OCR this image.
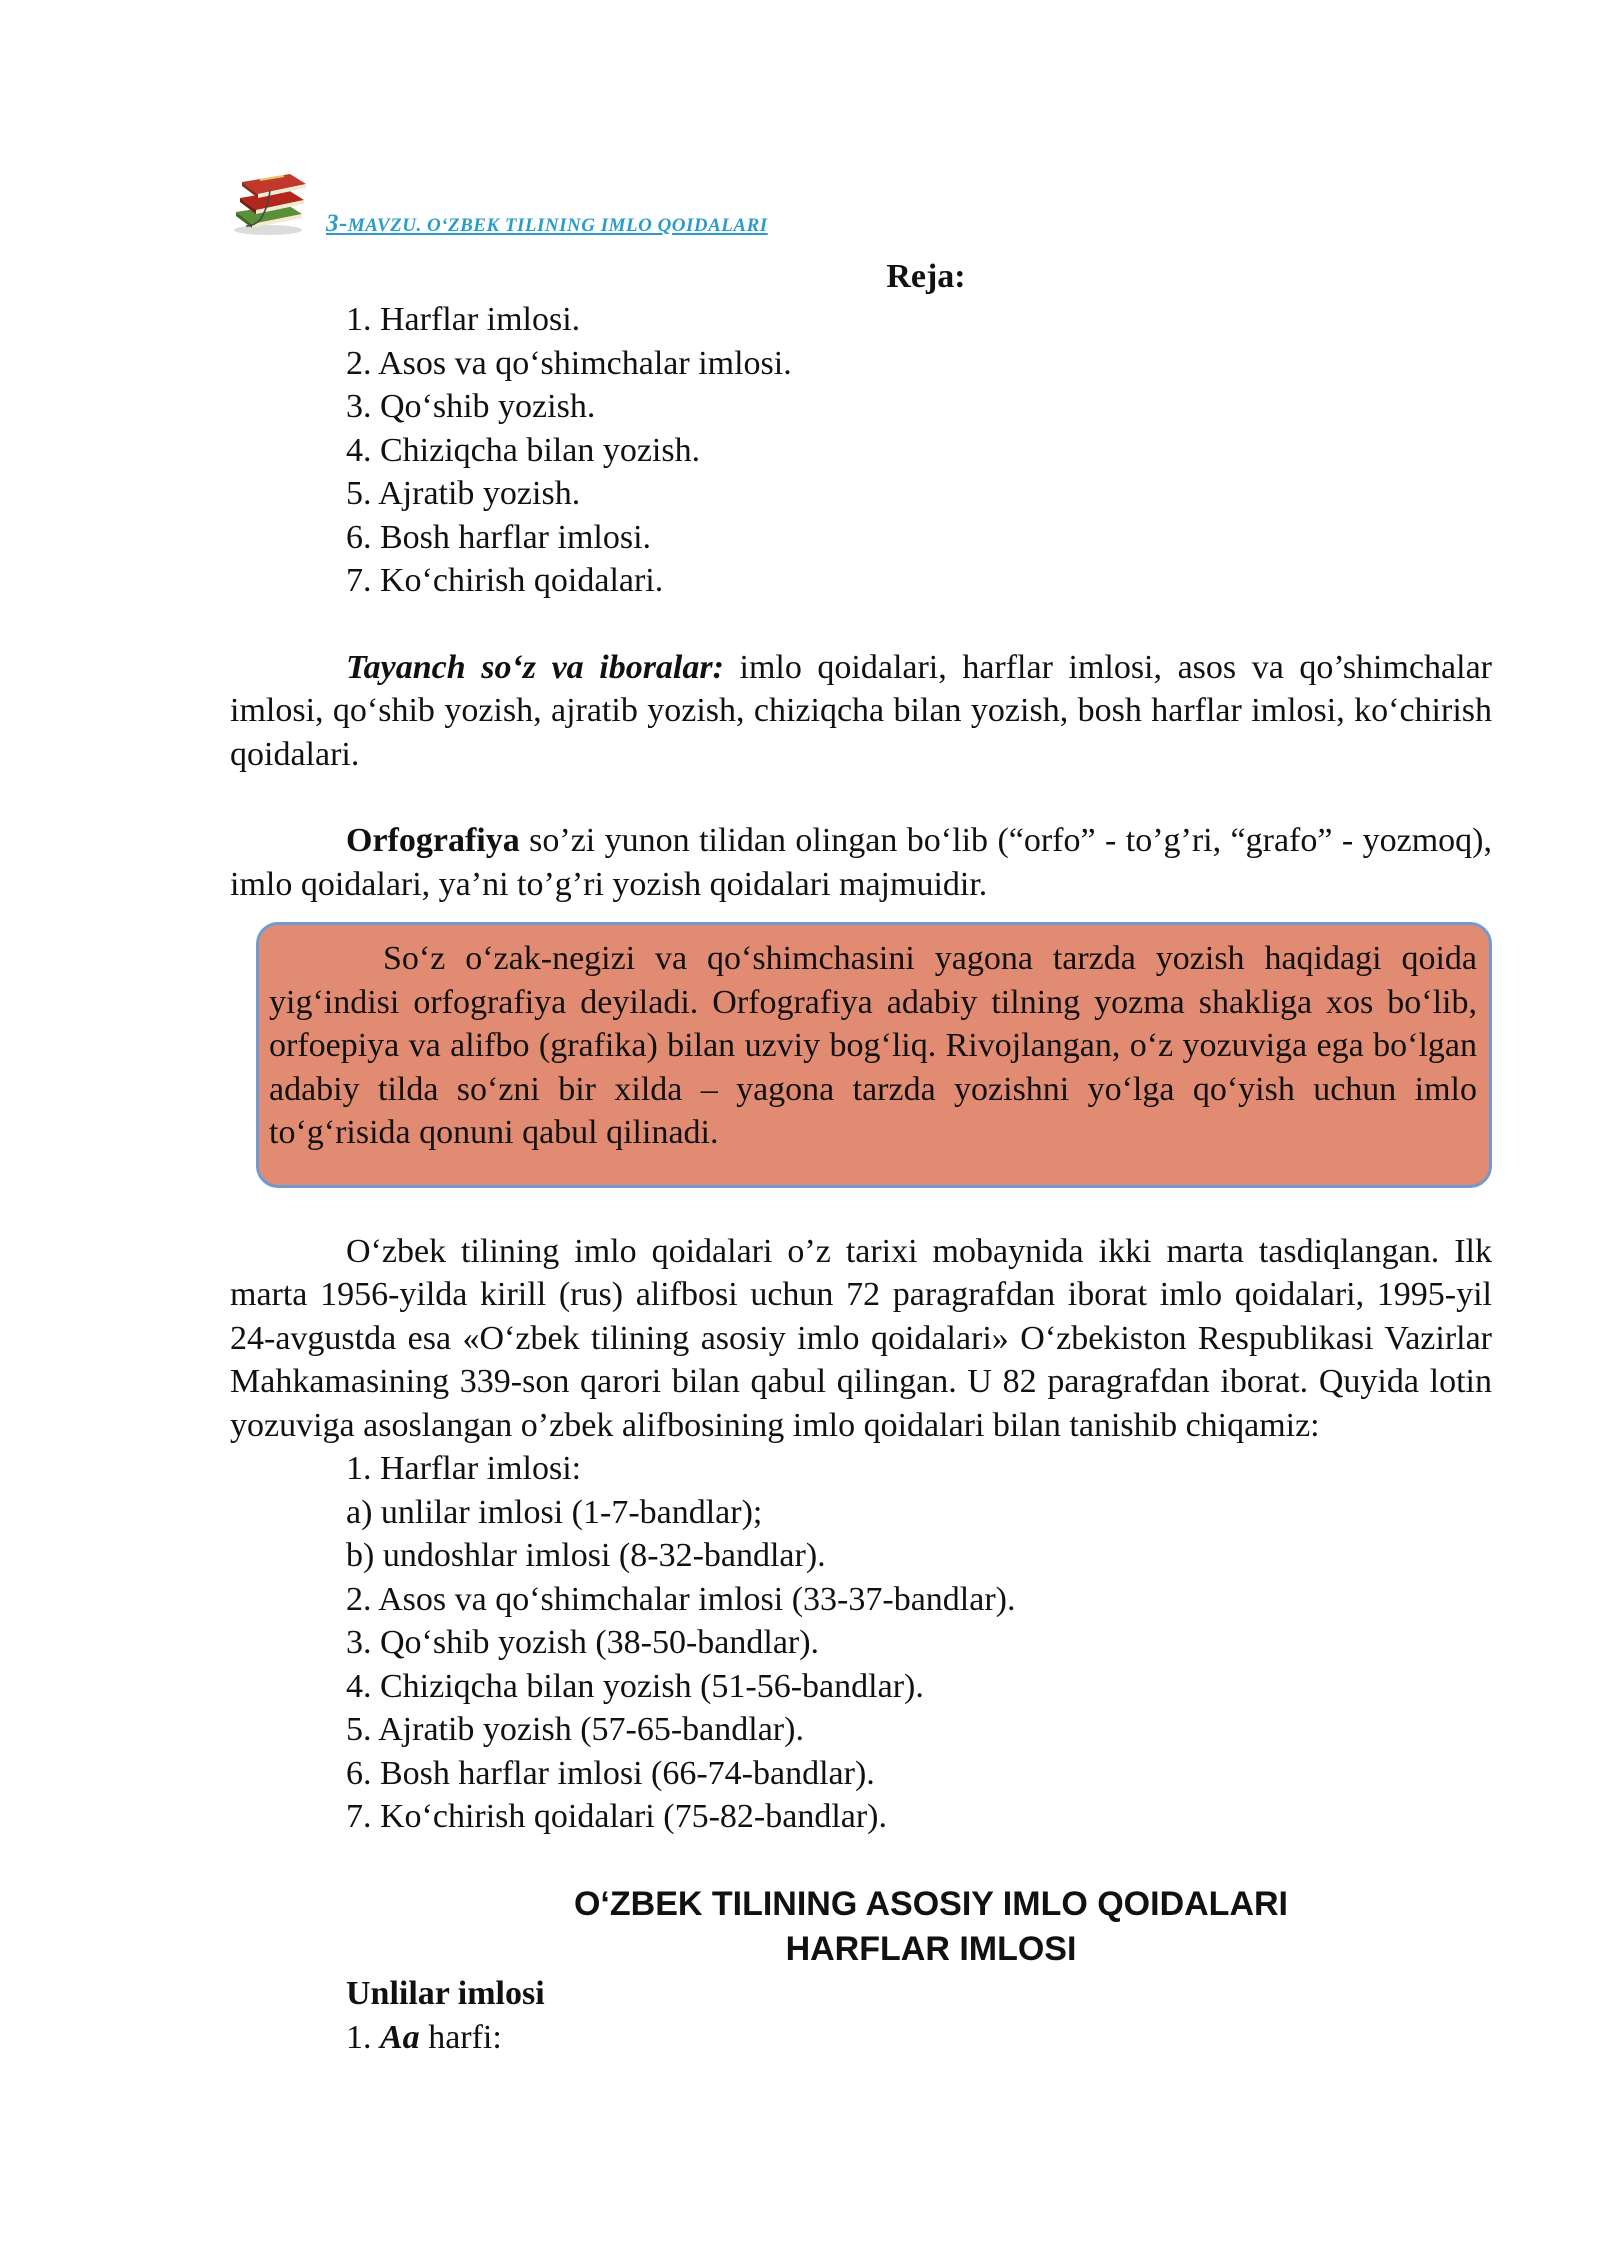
3-MAVZU. O‘ZBEK TILINING IMLO QOIDALARI
Reja:
1. Harflar imlosi.
2. Asos va qo‘shimchalar imlosi.
3. Qo‘shib yozish.
4. Chiziqcha bilan yozish.
5. Ajratib yozish.
6. Bosh harflar imlosi.
7. Ko‘chirish qoidalari.

Tayanch so‘z va iboralar: imlo qoidalari, harflar imlosi, asos va qo’shimchalar imlosi, qo‘shib yozish, ajratib yozish, chiziqcha bilan yozish, bosh harflar imlosi, ko‘chirish qoidalari.

Orfografiya so’zi yunon tilidan olingan bo‘lib (“orfo” - to’g’ri, “grafo” - yozmoq), imlo qoidalari, ya’ni to’g’ri yozish qoidalari majmuidir.

So‘z o‘zak-negizi va qo‘shimchasini yagona tarzda yozish haqidagi qoida yig‘indisi orfografiya deyiladi. Orfografiya adabiy tilning yozma shakliga xos bo‘lib, orfoepiya va alifbo (grafika) bilan uzviy bog‘liq. Rivojlangan, o‘z yozuviga ega bo‘lgan adabiy tilda so‘zni bir xilda – yagona tarzda yozishni yo‘lga qo‘yish uchun imlo to‘g‘risida qonuni qabul qilinadi.

O‘zbek tilining imlo qoidalari o’z tarixi mobaynida ikki marta tasdiqlangan. Ilk marta 1956-yilda kirill (rus) alifbosi uchun 72 paragrafdan iborat imlo qoidalari, 1995-yil 24-avgustda esa «O‘zbek tilining asosiy imlo qoidalari» O‘zbekiston Respublikasi Vazirlar Mahkamasining 339-son qarori bilan qabul qilingan. U 82 paragrafdan iborat. Quyida lotin yozuviga asoslangan o’zbek alifbosining imlo qoidalari bilan tanishib chiqamiz:

1. Harflar imlosi:
a) unlilar imlosi (1-7-bandlar);
b) undoshlar imlosi (8-32-bandlar).
2. Asos va qo‘shimchalar imlosi (33-37-bandlar).
3. Qo‘shib yozish (38-50-bandlar).
4. Chiziqcha bilan yozish (51-56-bandlar).
5. Ajratib yozish (57-65-bandlar).
6. Bosh harflar imlosi (66-74-bandlar).
7. Ko‘chirish qoidalari (75-82-bandlar).
O‘ZBEK TILINING ASOSIY IMLO QOIDALARI
HARFLAR IMLOSI
Unlilar imlosi
1. Aa harfi:
